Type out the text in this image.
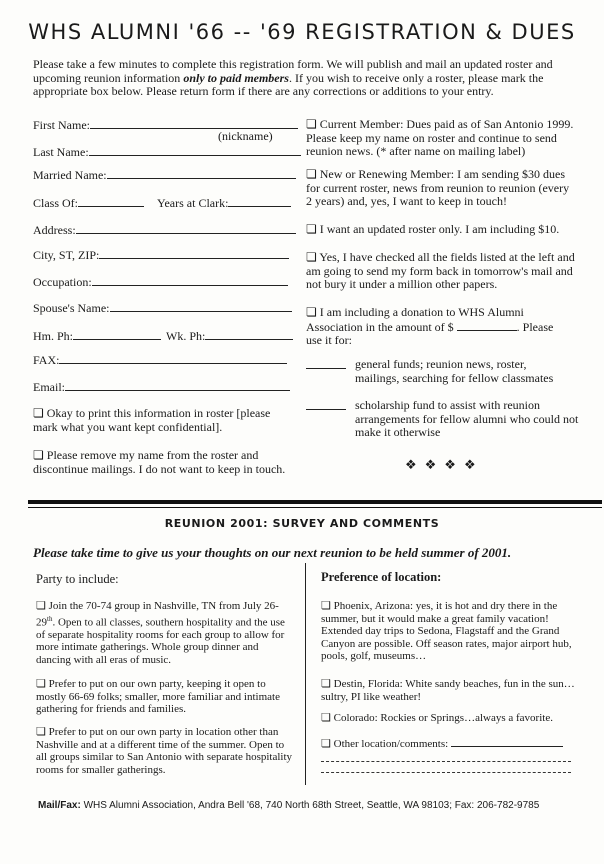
WHS ALUMNI '66 -- '69 REGISTRATION & DUES
Please take a few minutes to complete this registration form. We will publish and mail an updated roster and upcoming reunion information only to paid members. If you wish to receive only a roster, please mark the appropriate box below. Please return form if there are any corrections or additions to your entry.
First Name:
(nickname)
Last Name:
Married Name:
Class Of:	Years at Clark:
Address:
City, ST, ZIP:
Occupation:
Spouse's Name:
Hm. Ph:	Wk. Ph:
FAX:
Email:
❏ Okay to print this information in roster [please mark what you want kept confidential].
❏ Please remove my name from the roster and discontinue mailings. I do not want to keep in touch.
❏ Current Member: Dues paid as of San Antonio 1999. Please keep my name on roster and continue to send reunion news. (* after name on mailing label)
❏ New or Renewing Member: I am sending $30 dues for current roster, news from reunion to reunion (every 2 years) and, yes, I want to keep in touch!
❏ I want an updated roster only. I am including $10.
❏ Yes, I have checked all the fields listed at the left and am going to send my form back in tomorrow's mail and not bury it under a million other papers.
❏ I am including a donation to WHS Alumni Association in the amount of $	. Please use it for:
general funds; reunion news, roster, mailings, searching for fellow classmates
scholarship fund to assist with reunion arrangements for fellow alumni who could not make it otherwise
❖❖❖❖
REUNION 2001: SURVEY AND COMMENTS
Please take time to give us your thoughts on our next reunion to be held summer of 2001.
Party to include:
❏ Join the 70-74 group in Nashville, TN from July 26-29th. Open to all classes, southern hospitality and the use of separate hospitality rooms for each group to allow for more intimate gatherings. Whole group dinner and dancing with all eras of music.
❏ Prefer to put on our own party, keeping it open to mostly 66-69 folks; smaller, more familiar and intimate gathering for friends and families.
❏ Prefer to put on our own party in location other than Nashville and at a different time of the summer. Open to all groups similar to San Antonio with separate hospitality rooms for smaller gatherings.
Preference of location:
❏ Phoenix, Arizona: yes, it is hot and dry there in the summer, but it would make a great family vacation! Extended day trips to Sedona, Flagstaff and the Grand Canyon are possible. Off season rates, major airport hub, pools, golf, museums…
❏ Destin, Florida: White sandy beaches, fun in the sun…sultry, PI like weather!
❏ Colorado: Rockies or Springs…always a favorite.
❏ Other location/comments:
Mail/Fax: WHS Alumni Association, Andra Bell '68, 740 North 68th Street, Seattle, WA 98103; Fax: 206-782-9785
